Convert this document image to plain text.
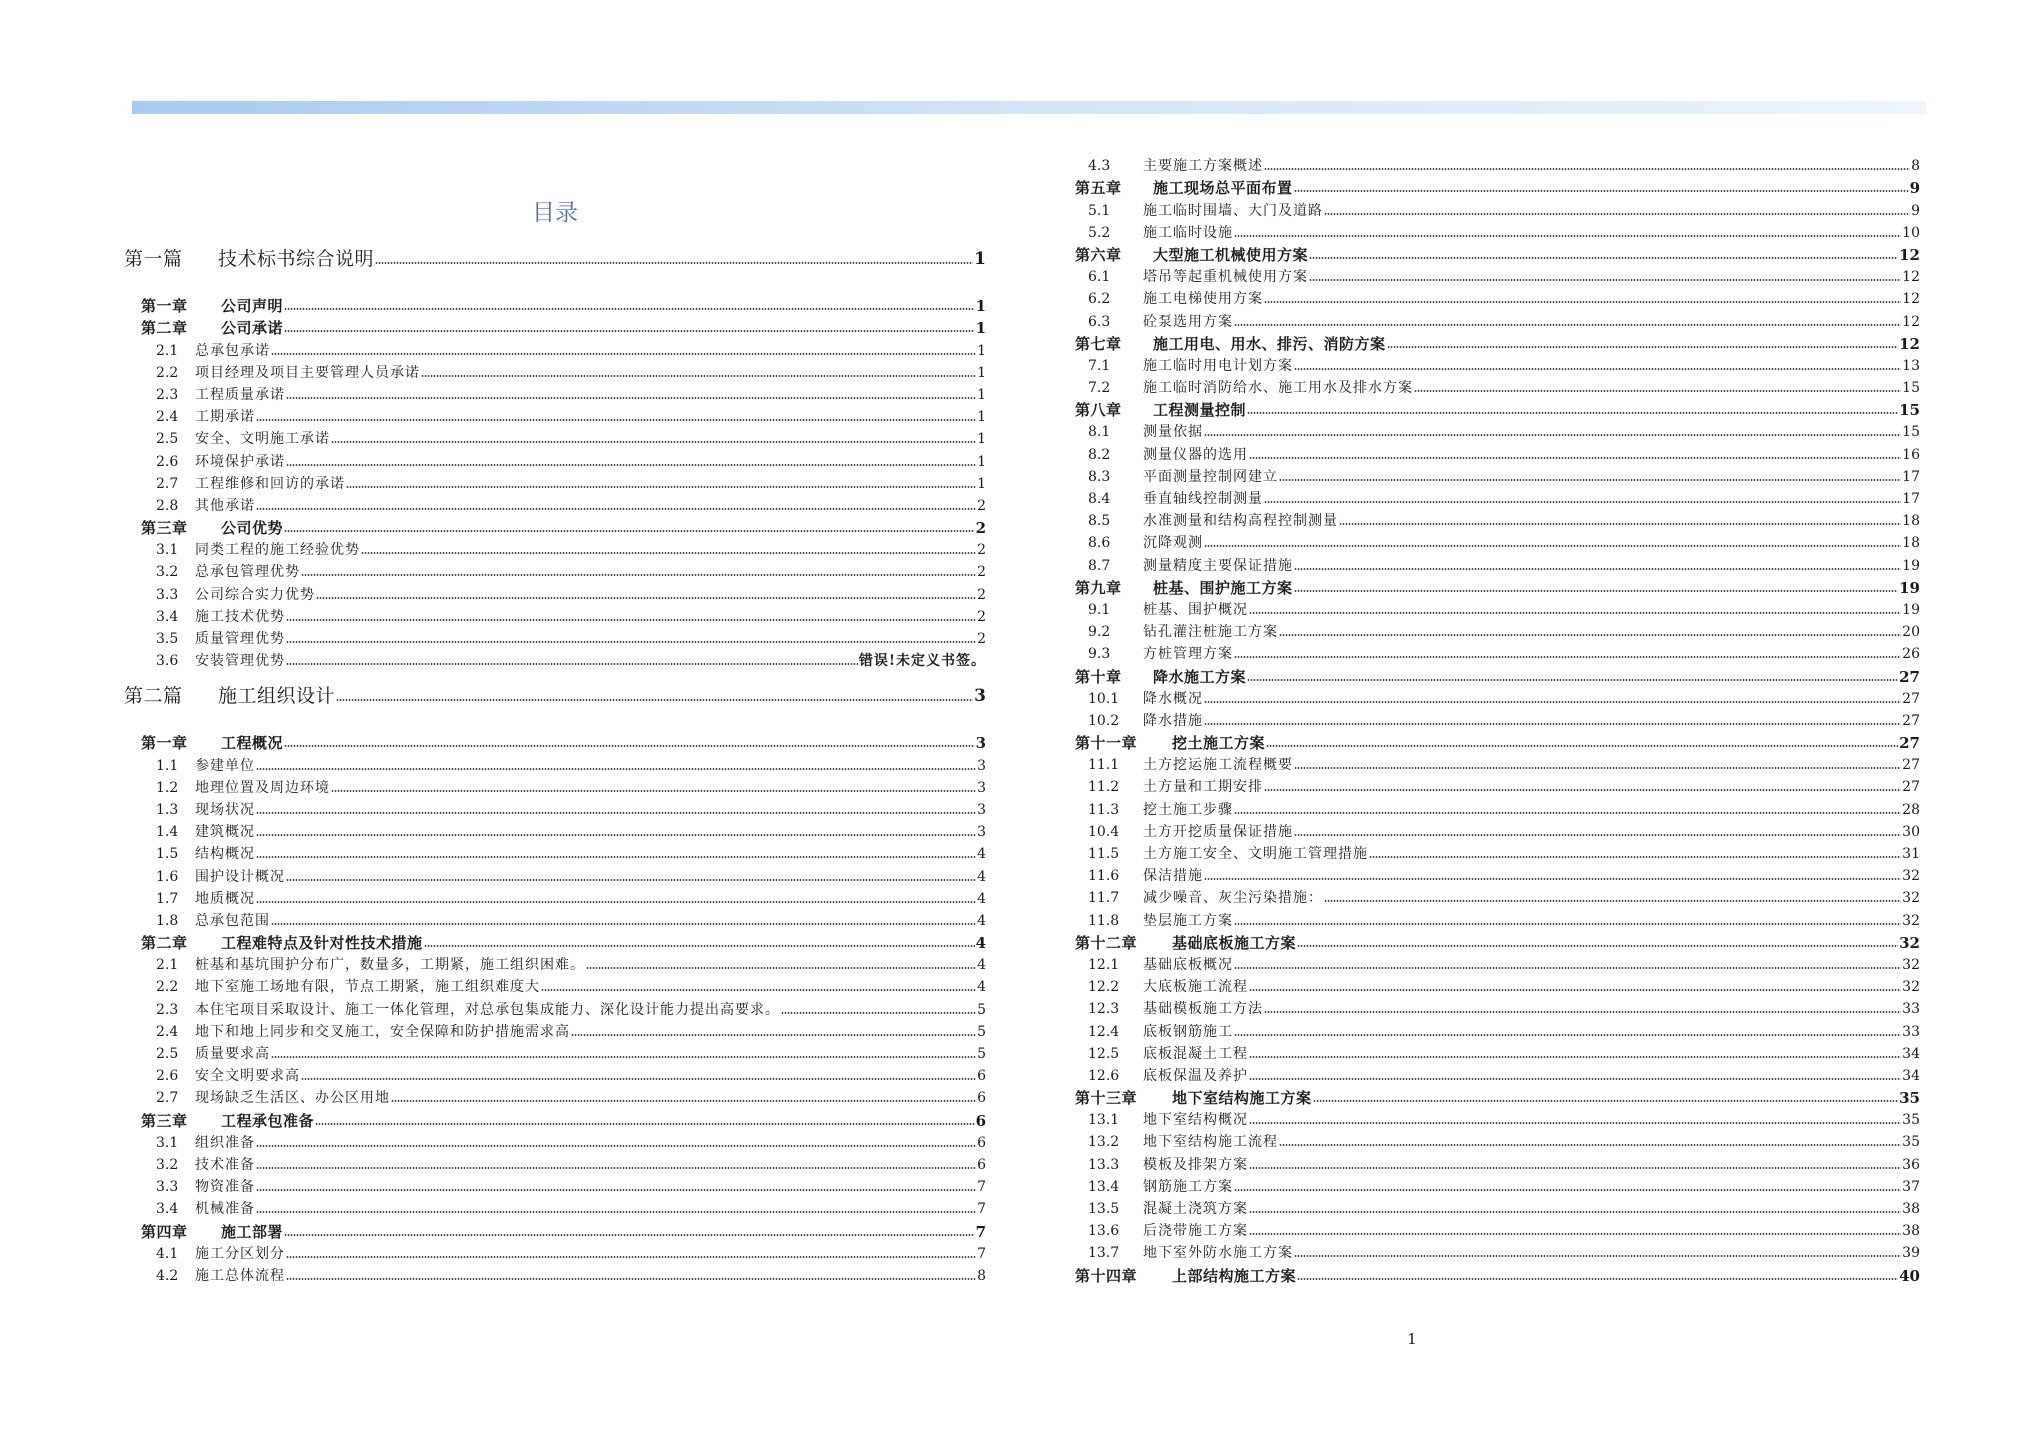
目录
第一篇	技术标书综合说明	1
第一章	公司声明	1
第二章	公司承诺	1
2.1	总承包承诺	1
2.2	项目经理及项目主要管理人员承诺	1
2.3	工程质量承诺	1
2.4	工期承诺	1
2.5	安全、文明施工承诺	1
2.6	环境保护承诺	1
2.7	工程维修和回访的承诺	1
2.8	其他承诺	2
第三章	公司优势	2
3.1	同类工程的施工经验优势	2
3.2	总承包管理优势	2
3.3	公司综合实力优势	2
3.4	施工技术优势	2
3.5	质量管理优势	2
3.6	安装管理优势	错误!未定义书签。
第二篇	施工组织设计	3
第一章	工程概况	3
1.1	参建单位	3
1.2	地理位置及周边环境	3
1.3	现场状况	3
1.4	建筑概况	3
1.5	结构概况	4
1.6	围护设计概况	4
1.7	地质概况	4
1.8	总承包范围	4
第二章	工程难特点及针对性技术措施	4
2.1	桩基和基坑围护分布广，数量多，工期紧，施工组织困难。	4
2.2	地下室施工场地有限，节点工期紧，施工组织难度大	4
2.3	本住宅项目采取设计、施工一体化管理，对总承包集成能力、深化设计能力提出高要求。	5
2.4	地下和地上同步和交叉施工，安全保障和防护措施需求高	5
2.5	质量要求高	5
2.6	安全文明要求高	6
2.7	现场缺乏生活区、办公区用地	6
第三章	工程承包准备	6
3.1	组织准备	6
3.2	技术准备	6
3.3	物资准备	7
3.4	机械准备	7
第四章	施工部署	7
4.1	施工分区划分	7
4.2	施工总体流程	8
4.3	主要施工方案概述	8
第五章	施工现场总平面布置	9
5.1	施工临时围墙、大门及道路	9
5.2	施工临时设施	10
第六章	大型施工机械使用方案	12
6.1	塔吊等起重机械使用方案	12
6.2	施工电梯使用方案	12
6.3	砼泵选用方案	12
第七章	施工用电、用水、排污、消防方案	12
7.1	施工临时用电计划方案	13
7.2	施工临时消防给水、施工用水及排水方案	15
第八章	工程测量控制	15
8.1	测量依据	15
8.2	测量仪器的选用	16
8.3	平面测量控制网建立	17
8.4	垂直轴线控制测量	17
8.5	水准测量和结构高程控制测量	18
8.6	沉降观测	18
8.7	测量精度主要保证措施	19
第九章	桩基、围护施工方案	19
9.1	桩基、围护概况	19
9.2	钻孔灌注桩施工方案	20
9.3	方桩管理方案	26
第十章	降水施工方案	27
10.1	降水概况	27
10.2	降水措施	27
第十一章	挖土施工方案	27
11.1	土方挖运施工流程概要	27
11.2	土方量和工期安排	27
11.3	挖土施工步骤	28
10.4	土方开挖质量保证措施	30
11.5	土方施工安全、文明施工管理措施	31
11.6	保洁措施	32
11.7	减少噪音、灰尘污染措施：	32
11.8	垫层施工方案	32
第十二章	基础底板施工方案	32
12.1	基础底板概况	32
12.2	大底板施工流程	32
12.3	基础模板施工方法	33
12.4	底板钢筋施工	33
12.5	底板混凝土工程	34
12.6	底板保温及养护	34
第十三章	地下室结构施工方案	35
13.1	地下室结构概况	35
13.2	地下室结构施工流程	35
13.3	模板及排架方案	36
13.4	钢筋施工方案	37
13.5	混凝土浇筑方案	38
13.6	后浇带施工方案	38
13.7	地下室外防水施工方案	39
第十四章	上部结构施工方案	40
1
